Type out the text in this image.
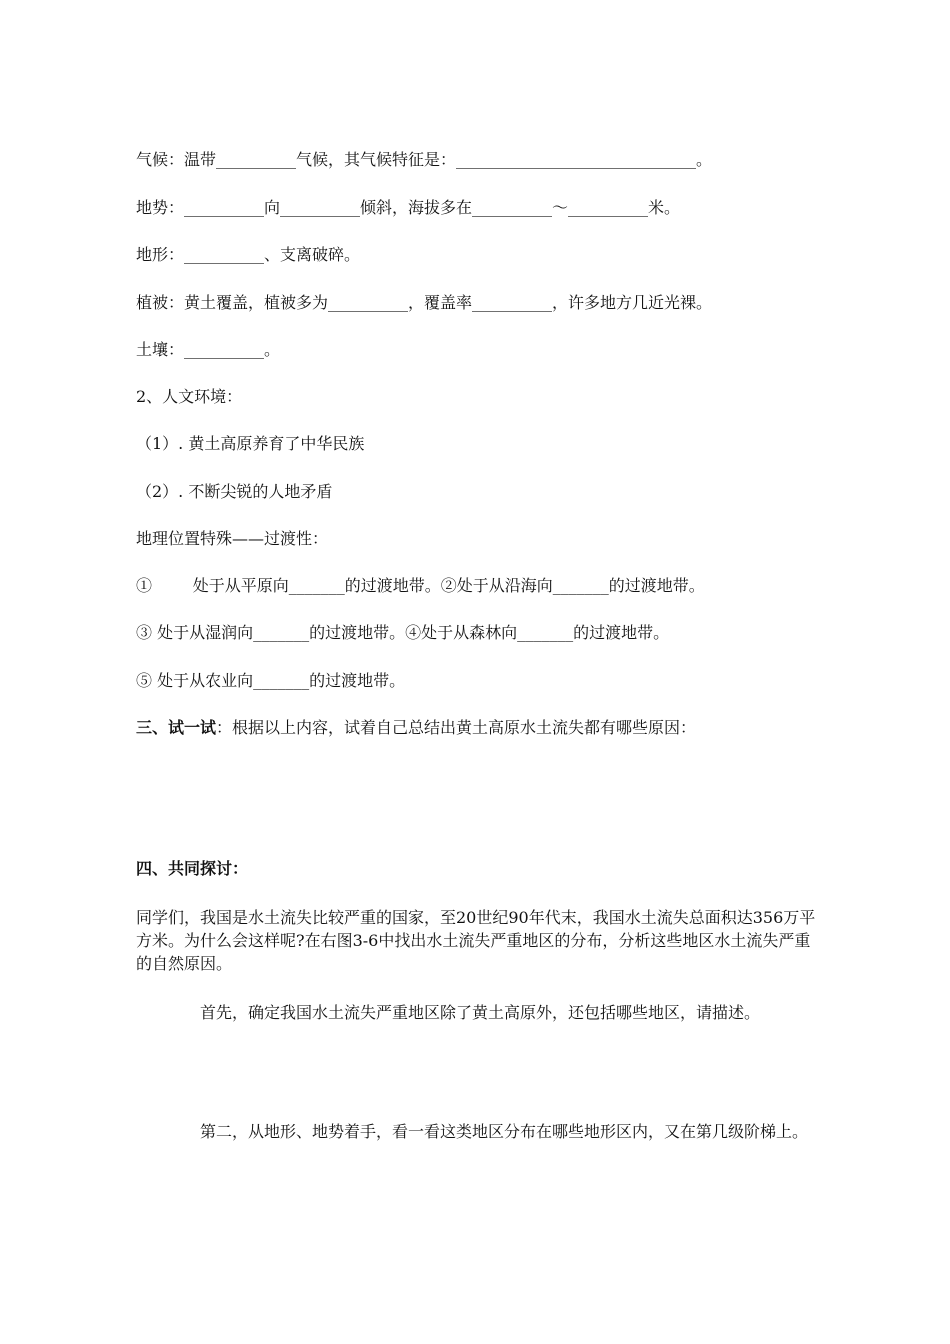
气候：温带__________气候，其气候特征是：______________________________。
地势：__________向__________倾斜，海拔多在__________～__________米。
地形：__________、支离破碎。
植被：黄土覆盖，植被多为__________，覆盖率__________，许多地方几近光裸。
土壤：__________。
2、人文环境：
（1）. 黄土高原养育了中华民族
（2）. 不断尖锐的人地矛盾
地理位置特殊——过渡性：
①        处于从平原向_______的过渡地带。②处于从沿海向_______的过渡地带。
③ 处于从湿润向_______的过渡地带。④处于从森林向_______的过渡地带。
⑤ 处于从农业向_______的过渡地带。
三、试一试：根据以上内容，试着自己总结出黄土高原水土流失都有哪些原因：
四、共同探讨：
同学们，我国是水土流失比较严重的国家，至20世纪90年代末，我国水土流失总面积达356万平方米。为什么会这样呢?在右图3-6中找出水土流失严重地区的分布，分析这些地区水土流失严重的自然原因。
首先，确定我国水土流失严重地区除了黄土高原外，还包括哪些地区，请描述。
第二，从地形、地势着手，看一看这类地区分布在哪些地形区内，又在第几级阶梯上。
